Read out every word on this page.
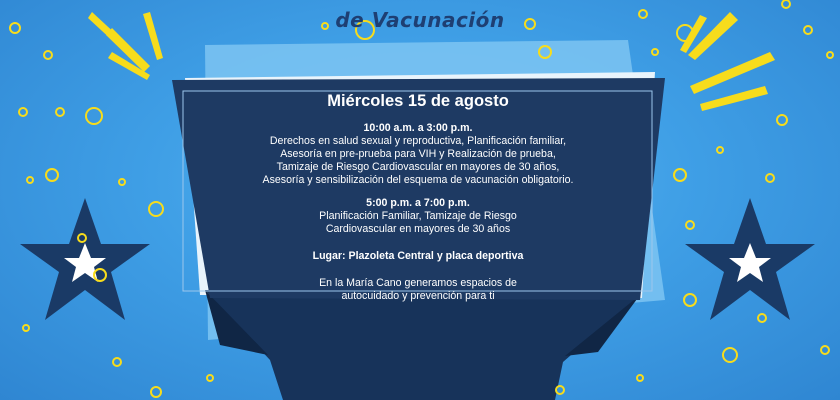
de Vacunación
Miércoles 15 de agosto
10:00 a.m. a 3:00 p.m.
Derechos en salud sexual y reproductiva, Planificación familiar,
Asesoría en pre-prueba para VIH y Realización de prueba,
Tamizaje de Riesgo Cardiovascular en mayores de 30 años,
Asesoría y sensibilización del esquema de vacunación obligatorio.
5:00 p.m. a 7:00 p.m.
Planificación Familiar, Tamizaje de Riesgo
Cardiovascular en mayores de 30 años
Lugar: Plazoleta Central y placa deportiva
En la María Cano generamos espacios de
autocuidado y prevención para ti
